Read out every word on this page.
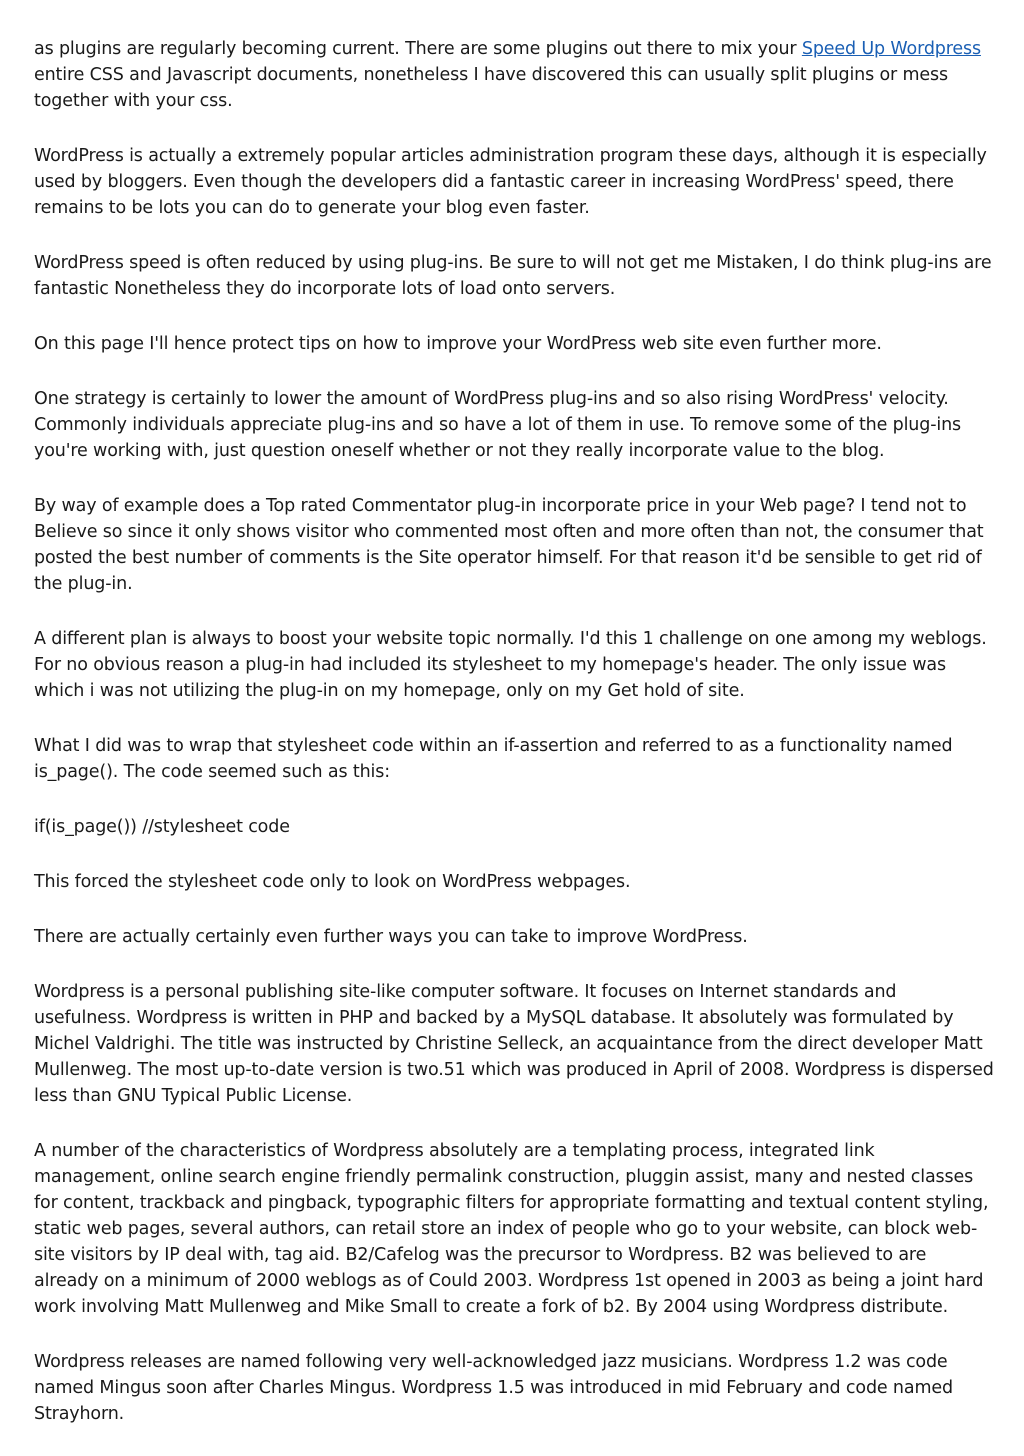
as plugins are regularly becoming current. There are some plugins out there to mix your Speed Up Wordpress entire CSS and Javascript documents, nonetheless I have discovered this can usually split plugins or mess together with your css.

WordPress is actually a extremely popular articles administration program these days, although it is especially used by bloggers. Even though the developers did a fantastic career in increasing WordPress' speed, there remains to be lots you can do to generate your blog even faster.

WordPress speed is often reduced by using plug-ins. Be sure to will not get me Mistaken, I do think plug-ins are fantastic Nonetheless they do incorporate lots of load onto servers.

On this page I'll hence protect tips on how to improve your WordPress web site even further more.

One strategy is certainly to lower the amount of WordPress plug-ins and so also rising WordPress' velocity. Commonly individuals appreciate plug-ins and so have a lot of them in use. To remove some of the plug-ins you're working with, just question oneself whether or not they really incorporate value to the blog.

By way of example does a Top rated Commentator plug-in incorporate price in your Web page? I tend not to Believe so since it only shows visitor who commented most often and more often than not, the consumer that posted the best number of comments is the Site operator himself. For that reason it'd be sensible to get rid of the plug-in.

A different plan is always to boost your website topic normally. I'd this 1 challenge on one among my weblogs. For no obvious reason a plug-in had included its stylesheet to my homepage's header. The only issue was which i was not utilizing the plug-in on my homepage, only on my Get hold of site.

What I did was to wrap that stylesheet code within an if-assertion and referred to as a functionality named is_page(). The code seemed such as this:

if(is_page()) //stylesheet code

This forced the stylesheet code only to look on WordPress webpages.

There are actually certainly even further ways you can take to improve WordPress.

Wordpress is a personal publishing site-like computer software. It focuses on Internet standards and usefulness. Wordpress is written in PHP and backed by a MySQL database. It absolutely was formulated by Michel Valdrighi. The title was instructed by Christine Selleck, an acquaintance from the direct developer Matt Mullenweg. The most up-to-date version is two.51 which was produced in April of 2008. Wordpress is dispersed less than GNU Typical Public License.

A number of the characteristics of Wordpress absolutely are a templating process, integrated link management, online search engine friendly permalink construction, pluggin assist, many and nested classes for content, trackback and pingback, typographic filters for appropriate formatting and textual content styling, static web pages, several authors, can retail store an index of people who go to your website, can block web-site visitors by IP deal with, tag aid. B2/Cafelog was the precursor to Wordpress. B2 was believed to are already on a minimum of 2000 weblogs as of Could 2003. Wordpress 1st opened in 2003 as being a joint hard work involving Matt Mullenweg and Mike Small to create a fork of b2. By 2004 using Wordpress distribute.

Wordpress releases are named following very well-acknowledged jazz musicians. Wordpress 1.2 was code named Mingus soon after Charles Mingus. Wordpress 1.5 was introduced in mid February and code named Strayhorn.
